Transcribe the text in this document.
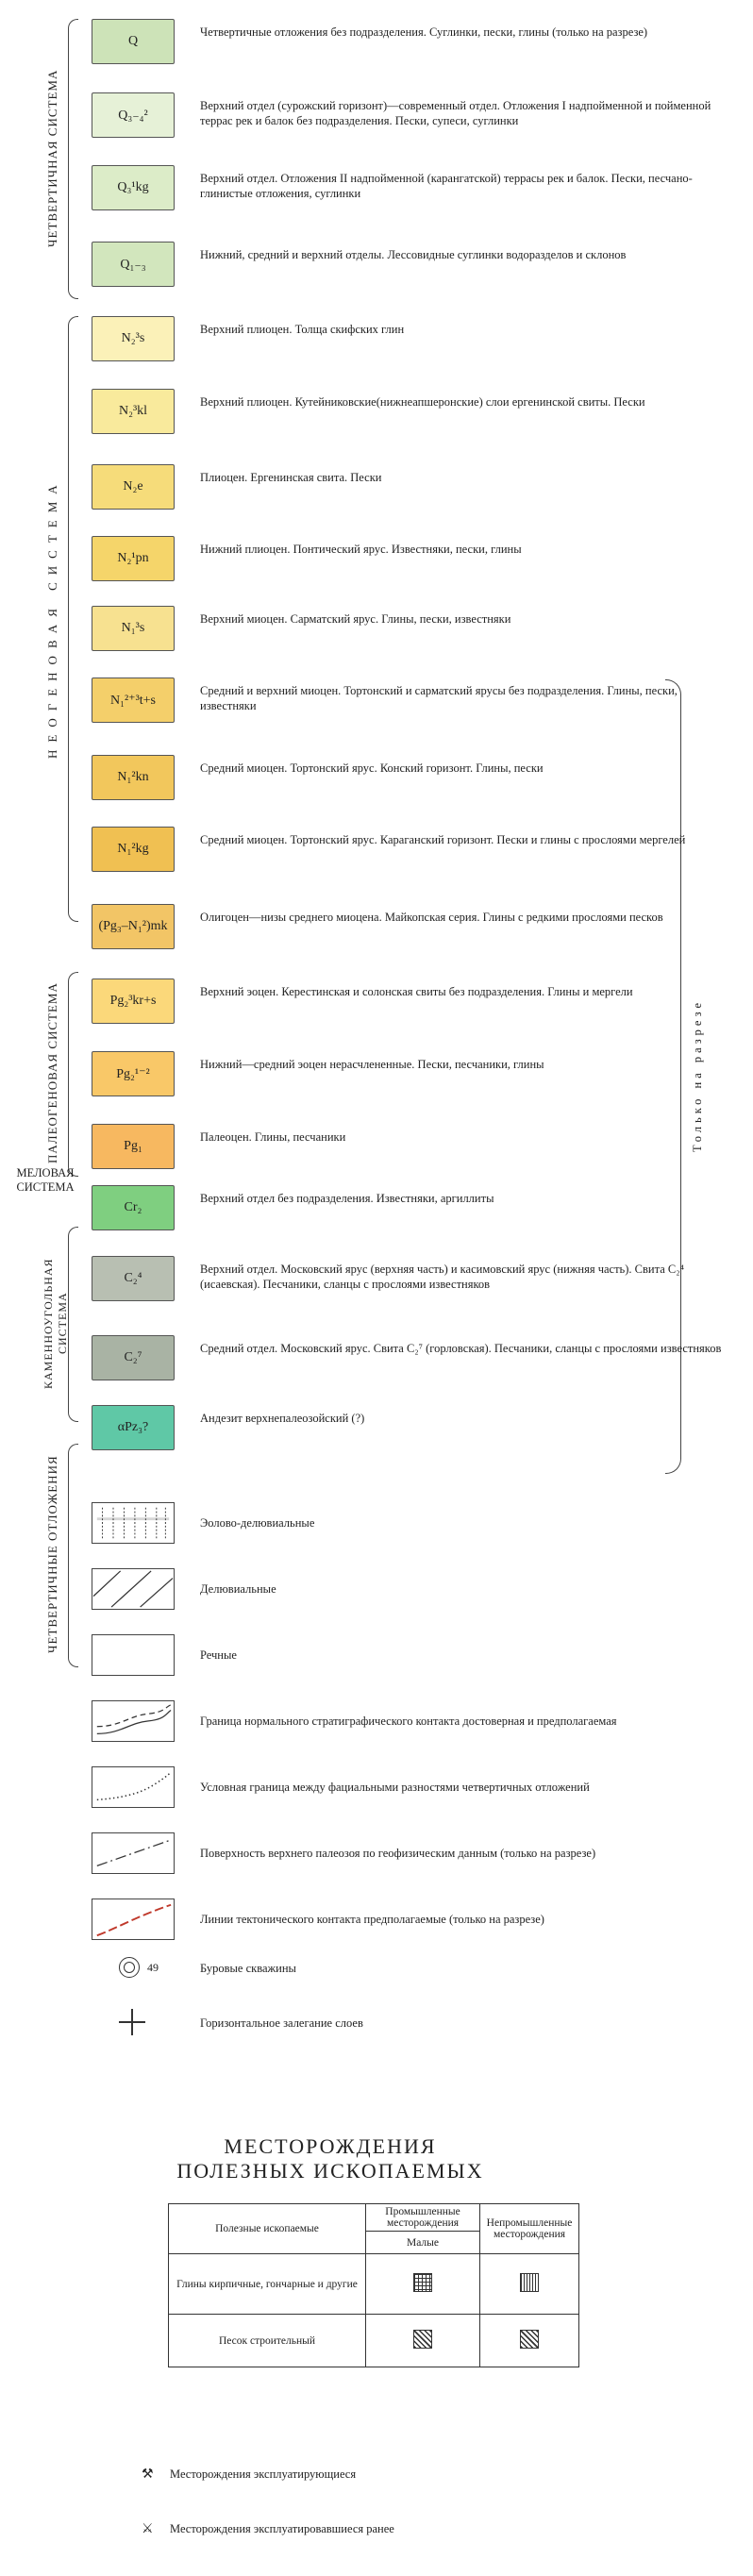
ЧЕТВЕРТИЧНАЯ СИСТЕМА
НЕОГЕНОВАЯ СИСТЕМА
ПАЛЕОГЕНОВАЯ СИСТЕМА
МЕЛОВАЯ СИСТЕМА
КАМЕННОУГОЛЬНАЯ СИСТЕМА
ЧЕТВЕРТИЧНЫЕ ОТЛОЖЕНИЯ
Только на разрезе
Q
Четвертичные отложения без подразделения. Суглинки, пески, глины (только на разрезе)
Q₃₋₄²
Верхний отдел (сурожский горизонт)—современный отдел. Отложения I надпойменной и пойменной террас рек и балок без подразделения. Пески, супеси, суглинки
Q₃¹kg
Верхний отдел. Отложения II надпойменной (карангатской) террасы рек и балок. Пески, песчано-глинистые отложения, суглинки
Q₁₋₃
Нижний, средний и верхний отделы. Лессовидные суглинки водоразделов и склонов
N₂³s
Верхний плиоцен. Толща скифских глин
N₂³kl
Верхний плиоцен. Кутейниковские(нижнеапшеронские) слои ергенинской свиты. Пески
N₂e
Плиоцен. Ергенинская свита. Пески
N₂¹pn
Нижний плиоцен. Понтический ярус. Известняки, пески, глины
N₁³s
Верхний миоцен. Сарматский ярус. Глины, пески, известняки
N₁²⁺³t+s
Средний и верхний миоцен. Тортонский и сарматский ярусы без подразделения. Глины, пески, известняки
N₁²kn
Средний миоцен. Тортонский ярус. Конский горизонт. Глины, пески
N₁²kg
Средний миоцен. Тортонский ярус. Караганский горизонт. Пески и глины с прослоями мергелей
(Pg₃–N₁²)mk
Олигоцен—низы среднего миоцена. Майкопская серия. Глины с редкими прослоями песков
Pg₂³kr+s
Верхний эоцен. Керестинская и солонская свиты без подразделения. Глины и мергели
Pg₂¹⁻²
Нижний—средний эоцен нерасчлененные. Пески, песчаники, глины
Pg₁
Палеоцен. Глины, песчаники
Cr₂
Верхний отдел без подразделения. Известняки, аргиллиты
C₂⁴
Верхний отдел. Московский ярус (верхняя часть) и касимовский ярус (нижняя часть). Свита C₂⁴ (исаевская). Песчаники, сланцы с прослоями известняков
C₂⁷
Средний отдел. Московский ярус. Свита C₂⁷ (горловская). Песчаники, сланцы с прослоями известняков
αPz₃?
Андезит верхнепалеозойский (?)
Эолово-делювиальные
Делювиальные
Речные
Граница нормального стратиграфического контакта достоверная и предполагаемая
Условная граница между фациальными разностями четвертичных отложений
Поверхность верхнего палеозоя по геофизическим данным (только на разрезе)
Линии тектонического контакта предполагаемые (только на разрезе)
49	Буровые скважины
Горизонтальное залегание слоев
МЕСТОРОЖДЕНИЯ
ПОЛЕЗНЫХ ИСКОПАЕМЫХ
Полезные ископаемые	Промышленные месторождения	Непромышленные месторождения
	Малые	
Глины кирпичные, гончарные и другие		
Песок строительный		
⚒ Месторождения эксплуатирующиеся
⚔ Месторождения эксплуатировавшиеся ранее
